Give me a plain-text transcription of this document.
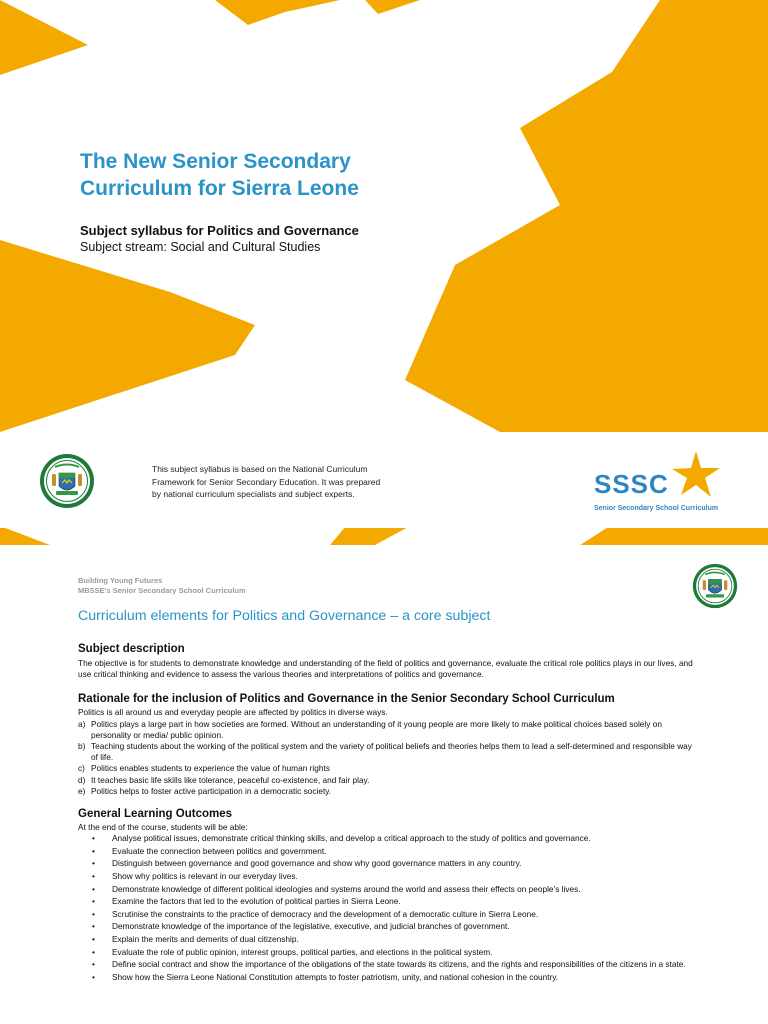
The New Senior Secondary
Curriculum for Sierra Leone

Subject syllabus for Politics and Governance

Subject stream: Social and Cultural Studies

This subject syllabus is based on the National Curriculum
Framework for Senior Secondary Education. It was prepared
by national curriculum specialists and subject experts.	SSSC
Senior Secondary School Curriculum
Building Young Futures
MBSSE's Senior Secondary School Curriculum
Curriculum elements for Politics and Governance – a core subject
Subject description

The objective is for students to demonstrate knowledge and understanding of the field of politics and governance, evaluate the critical role politics plays in our lives, and use critical thinking and evidence to assess the various theories and interpretations of politics and governance.

Rationale for the inclusion of Politics and Governance in the Senior Secondary School Curriculum

Politics is all around us and everyday people are affected by politics in diverse ways.

a) Politics plays a large part in how societies are formed. Without an understanding of it young people are more likely to make political choices based solely on personality or media/ public opinion.
b) Teaching students about the working of the political system and the variety of political beliefs and theories helps them to lead a self-determined and responsible way of life.
c) Politics enables students to experience the value of human rights
d) It teaches basic life skills like tolerance, peaceful co-existence, and fair play.
e) Politics helps to foster active participation in a democratic society.
General Learning Outcomes

At the end of the course, students will be able:

• Analyse political issues, demonstrate critical thinking skills, and develop a critical approach to the study of politics and governance.
• Evaluate the connection between politics and government.
• Distinguish between governance and good governance and show why good governance matters in any country.
• Show why politics is relevant in our everyday lives.
• Demonstrate knowledge of different political ideologies and systems around the world and assess their effects on people’s lives.
• Examine the factors that led to the evolution of political parties in Sierra Leone.
• Scrutinise the constraints to the practice of democracy and the development of a democratic culture in Sierra Leone.
• Demonstrate knowledge of the importance of the legislative, executive, and judicial branches of government.
• Explain the merits and demerits of dual citizenship.
• Evaluate the role of public opinion, interest groups, political parties, and elections in the political system.
• Define social contract and show the importance of the obligations of the state towards its citizens, and the rights and responsibilities of the citizens in a state.
• Show how the Sierra Leone National Constitution attempts to foster patriotism, unity, and national cohesion in the country.
